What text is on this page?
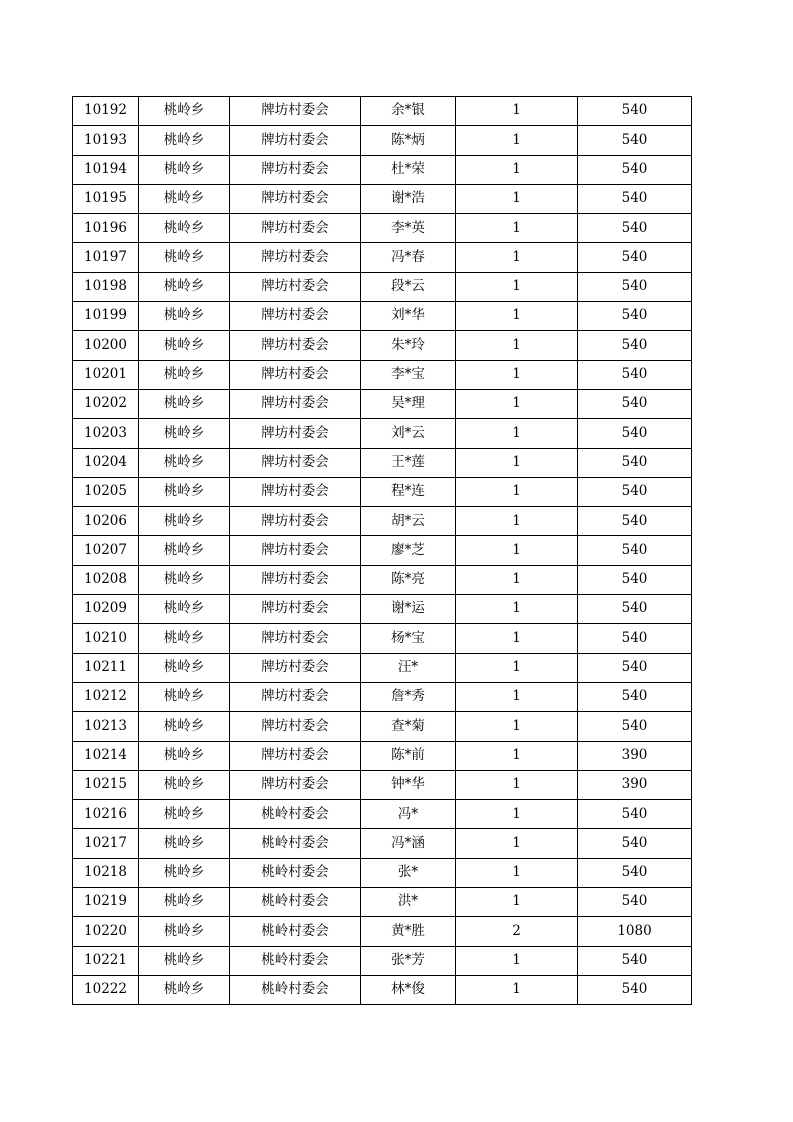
10192	桃岭乡	牌坊村委会	余*银	1	540
10193	桃岭乡	牌坊村委会	陈*炳	1	540
10194	桃岭乡	牌坊村委会	杜*荣	1	540
10195	桃岭乡	牌坊村委会	谢*浩	1	540
10196	桃岭乡	牌坊村委会	李*英	1	540
10197	桃岭乡	牌坊村委会	冯*春	1	540
10198	桃岭乡	牌坊村委会	段*云	1	540
10199	桃岭乡	牌坊村委会	刘*华	1	540
10200	桃岭乡	牌坊村委会	朱*玲	1	540
10201	桃岭乡	牌坊村委会	李*宝	1	540
10202	桃岭乡	牌坊村委会	吴*理	1	540
10203	桃岭乡	牌坊村委会	刘*云	1	540
10204	桃岭乡	牌坊村委会	王*莲	1	540
10205	桃岭乡	牌坊村委会	程*连	1	540
10206	桃岭乡	牌坊村委会	胡*云	1	540
10207	桃岭乡	牌坊村委会	廖*芝	1	540
10208	桃岭乡	牌坊村委会	陈*亮	1	540
10209	桃岭乡	牌坊村委会	谢*运	1	540
10210	桃岭乡	牌坊村委会	杨*宝	1	540
10211	桃岭乡	牌坊村委会	汪*	1	540
10212	桃岭乡	牌坊村委会	詹*秀	1	540
10213	桃岭乡	牌坊村委会	查*菊	1	540
10214	桃岭乡	牌坊村委会	陈*前	1	390
10215	桃岭乡	牌坊村委会	钟*华	1	390
10216	桃岭乡	桃岭村委会	冯*	1	540
10217	桃岭乡	桃岭村委会	冯*涵	1	540
10218	桃岭乡	桃岭村委会	张*	1	540
10219	桃岭乡	桃岭村委会	洪*	1	540
10220	桃岭乡	桃岭村委会	黄*胜	2	1080
10221	桃岭乡	桃岭村委会	张*芳	1	540
10222	桃岭乡	桃岭村委会	林*俊	1	540
